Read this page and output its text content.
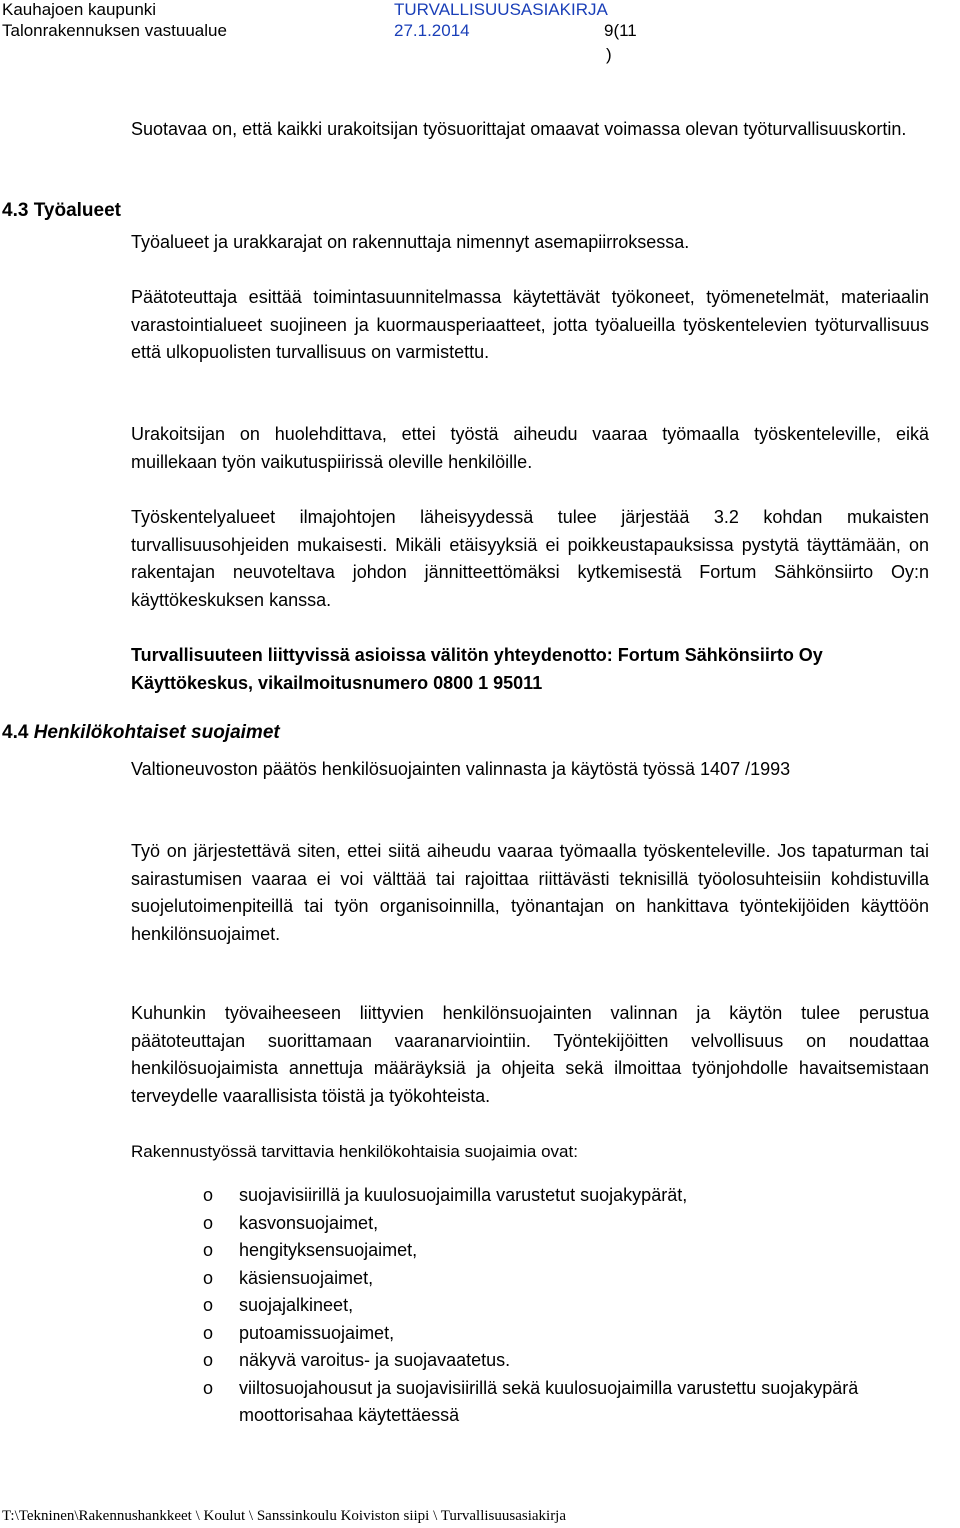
Kauhajoen kaupunki
Talonrakennuksen vastuualue
TURVALLISUUSASIAKIRJA
27.1.2014	9(11
)

Suotavaa on, että kaikki urakoitsijan työsuorittajat omaavat voimassa olevan työturvallisuuskortin.

4.3 Työalueet

Työalueet ja urakkarajat on rakennuttaja nimennyt asemapiirroksessa.

Päätoteuttaja esittää toimintasuunnitelmassa käytettävät työkoneet, työmenetelmät, materiaalin varastointialueet suojineen ja kuormausperiaatteet, jotta työalueilla työskentelevien työturvallisuus että ulkopuolisten turvallisuus on varmistettu.

Urakoitsijan on huolehdittava, ettei työstä aiheudu vaaraa työmaalla työskenteleville, eikä muillekaan työn vaikutuspiirissä oleville henkilöille.

Työskentelyalueet ilmajohtojen läheisyydessä tulee järjestää 3.2 kohdan mukaisten turvallisuusohjeiden mukaisesti. Mikäli etäisyyksiä ei poikkeustapauksissa pystytä täyttämään, on rakentajan neuvoteltava johdon jännitteettömäksi kytkemisestä Fortum Sähkönsiirto Oy:n käyttökeskuksen kanssa.

Turvallisuuteen liittyvissä asioissa välitön yhteydenotto: Fortum Sähkönsiirto Oy Käyttökeskus, vikailmoitusnumero 0800 1 95011

4.4 Henkilökohtaiset suojaimet

Valtioneuvoston päätös henkilösuojainten valinnasta ja käytöstä työssä 1407 /1993

Työ on järjestettävä siten, ettei siitä aiheudu vaaraa työmaalla työskenteleville. Jos tapaturman tai sairastumisen vaaraa ei voi välttää tai rajoittaa riittävästi teknisillä työolosuhteisiin kohdistuvilla suojelutoimenpiteillä tai työn organisoinnilla, työnantajan on hankittava työntekijöiden käyttöön henkilönsuojaimet.

Kuhunkin työvaiheeseen liittyvien henkilönsuojainten valinnan ja käytön tulee perustua päätoteuttajan suorittamaan vaaranarviointiin. Työntekijöitten velvollisuus on noudattaa henkilösuojaimista annettuja määräyksiä ja ohjeita sekä ilmoittaa työnjohdolle havaitsemistaan terveydelle vaarallisista töistä ja työkohteista.

Rakennustyössä tarvittavia henkilökohtaisia suojaimia ovat:

o suojavisiirillä ja kuulosuojaimilla varustetut suojakypärät,
o kasvonsuojaimet,
o hengityksensuojaimet,
o käsiensuojaimet,
o suojajalkineet,
o putoamissuojaimet,
o näkyvä varoitus- ja suojavaatetus.
o viiltosuojahousut ja suojavisiirillä sekä kuulosuojaimilla varustettu suojakypärä moottorisahaa käytettäessä
T:\Tekninen\Rakennushankkeet \ Koulut \ Sanssinkoulu Koiviston siipi \ Turvallisuusasiakirja
